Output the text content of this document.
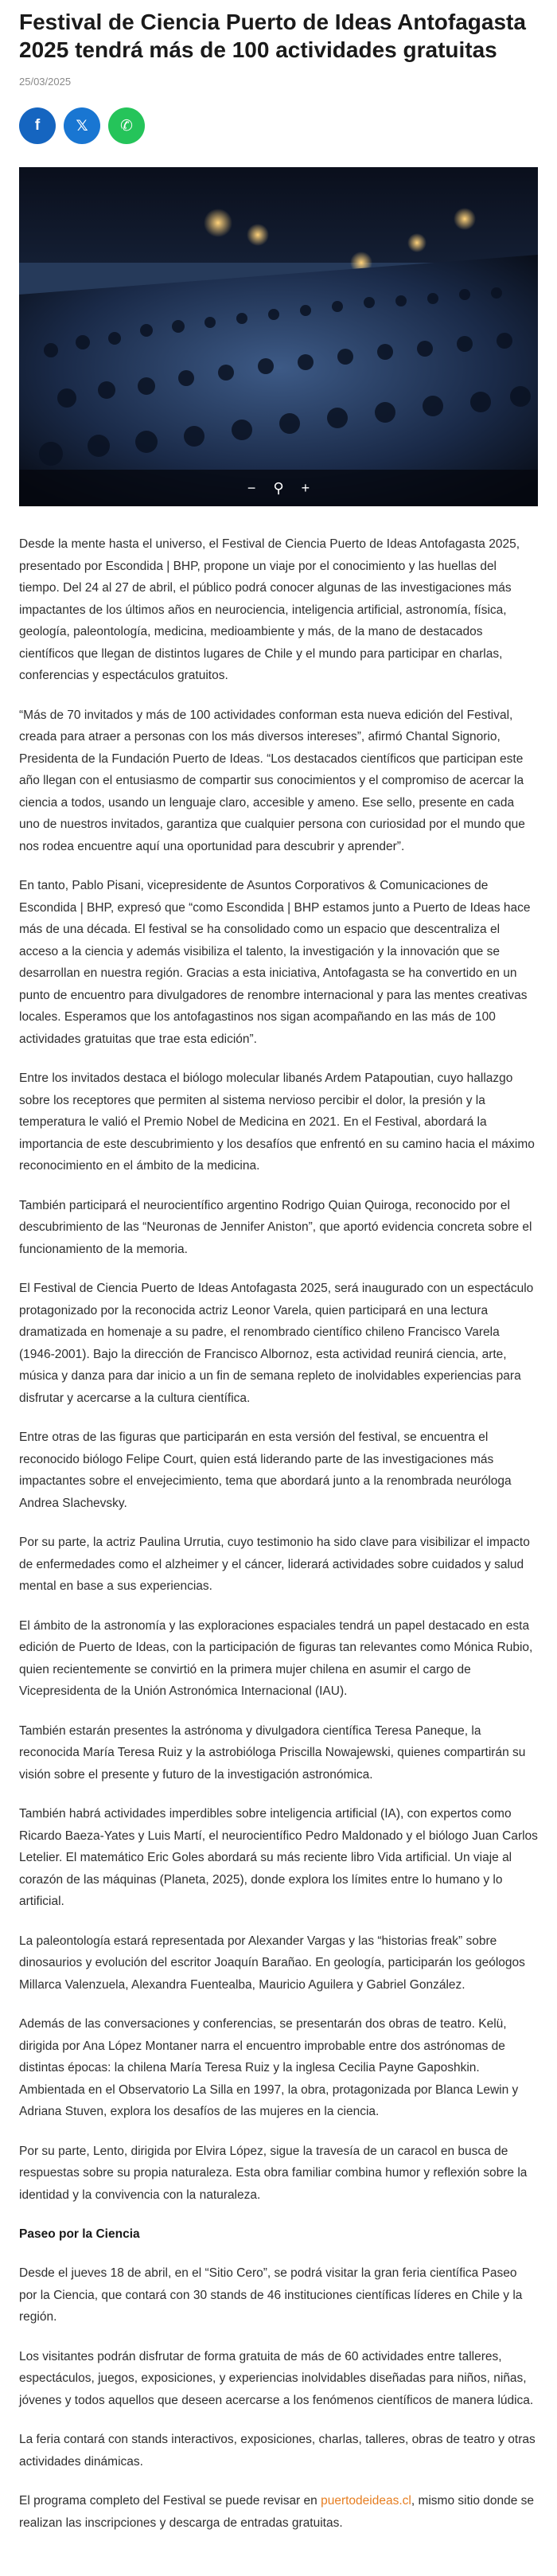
Festival de Ciencia Puerto de Ideas Antofagasta 2025 tendrá más de 100 actividades gratuitas
25/03/2025
f 𝕏 ✆
− ⚲ +

Desde la mente hasta el universo, el Festival de Ciencia Puerto de Ideas Antofagasta 2025, presentado por Escondida | BHP, propone un viaje por el conocimiento y las huellas del tiempo. Del 24 al 27 de abril, el público podrá conocer algunas de las investigaciones más impactantes de los últimos años en neurociencia, inteligencia artificial, astronomía, física, geología, paleontología, medicina, medioambiente y más, de la mano de destacados científicos que llegan de distintos lugares de Chile y el mundo para participar en charlas, conferencias y espectáculos gratuitos.

“Más de 70 invitados y más de 100 actividades conforman esta nueva edición del Festival, creada para atraer a personas con los más diversos intereses”, afirmó Chantal Signorio, Presidenta de la Fundación Puerto de Ideas. “Los destacados científicos que participan este año llegan con el entusiasmo de compartir sus conocimientos y el compromiso de acercar la ciencia a todos, usando un lenguaje claro, accesible y ameno. Ese sello, presente en cada uno de nuestros invitados, garantiza que cualquier persona con curiosidad por el mundo que nos rodea encuentre aquí una oportunidad para descubrir y aprender”.

En tanto, Pablo Pisani, vicepresidente de Asuntos Corporativos & Comunicaciones de Escondida | BHP, expresó que “como Escondida | BHP estamos junto a Puerto de Ideas hace más de una década. El festival se ha consolidado como un espacio que descentraliza el acceso a la ciencia y además visibiliza el talento, la investigación y la innovación que se desarrollan en nuestra región. Gracias a esta iniciativa, Antofagasta se ha convertido en un punto de encuentro para divulgadores de renombre internacional y para las mentes creativas locales. Esperamos que los antofagastinos nos sigan acompañando en las más de 100 actividades gratuitas que trae esta edición”.

Entre los invitados destaca el biólogo molecular libanés Ardem Patapoutian, cuyo hallazgo sobre los receptores que permiten al sistema nervioso percibir el dolor, la presión y la temperatura le valió el Premio Nobel de Medicina en 2021. En el Festival, abordará la importancia de este descubrimiento y los desafíos que enfrentó en su camino hacia el máximo reconocimiento en el ámbito de la medicina.

También participará el neurocientífico argentino Rodrigo Quian Quiroga, reconocido por el descubrimiento de las “Neuronas de Jennifer Aniston”, que aportó evidencia concreta sobre el funcionamiento de la memoria.

El Festival de Ciencia Puerto de Ideas Antofagasta 2025, será inaugurado con un espectáculo protagonizado por la reconocida actriz Leonor Varela, quien participará en una lectura dramatizada en homenaje a su padre, el renombrado científico chileno Francisco Varela (1946-2001). Bajo la dirección de Francisco Albornoz, esta actividad reunirá ciencia, arte, música y danza para dar inicio a un fin de semana repleto de inolvidables experiencias para disfrutar y acercarse a la cultura científica.

Entre otras de las figuras que participarán en esta versión del festival, se encuentra el reconocido biólogo Felipe Court, quien está liderando parte de las investigaciones más impactantes sobre el envejecimiento, tema que abordará junto a la renombrada neuróloga Andrea Slachevsky.

Por su parte, la actriz Paulina Urrutia, cuyo testimonio ha sido clave para visibilizar el impacto de enfermedades como el alzheimer y el cáncer, liderará actividades sobre cuidados y salud mental en base a sus experiencias.

El ámbito de la astronomía y las exploraciones espaciales tendrá un papel destacado en esta edición de Puerto de Ideas, con la participación de figuras tan relevantes como Mónica Rubio, quien recientemente se convirtió en la primera mujer chilena en asumir el cargo de Vicepresidenta de la Unión Astronómica Internacional (IAU).

También estarán presentes la astrónoma y divulgadora científica Teresa Paneque, la reconocida María Teresa Ruiz y la astrobióloga Priscilla Nowajewski, quienes compartirán su visión sobre el presente y futuro de la investigación astronómica.

También habrá actividades imperdibles sobre inteligencia artificial (IA), con expertos como Ricardo Baeza-Yates y Luis Martí, el neurocientífico Pedro Maldonado y el biólogo Juan Carlos Letelier. El matemático Eric Goles abordará su más reciente libro Vida artificial. Un viaje al corazón de las máquinas (Planeta, 2025), donde explora los límites entre lo humano y lo artificial.

La paleontología estará representada por Alexander Vargas y las “historias freak” sobre dinosaurios y evolución del escritor Joaquín Barañao. En geología, participarán los geólogos Millarca Valenzuela, Alexandra Fuentealba, Mauricio Aguilera y Gabriel González.

Además de las conversaciones y conferencias, se presentarán dos obras de teatro. Kelü, dirigida por Ana López Montaner narra el encuentro improbable entre dos astrónomas de distintas épocas: la chilena María Teresa Ruiz y la inglesa Cecilia Payne Gaposhkin. Ambientada en el Observatorio La Silla en 1997, la obra, protagonizada por Blanca Lewin y Adriana Stuven, explora los desafíos de las mujeres en la ciencia.

Por su parte, Lento, dirigida por Elvira López, sigue la travesía de un caracol en busca de respuestas sobre su propia naturaleza. Esta obra familiar combina humor y reflexión sobre la identidad y la convivencia con la naturaleza.

Paseo por la Ciencia

Desde el jueves 18 de abril, en el “Sitio Cero”, se podrá visitar la gran feria científica Paseo por la Ciencia, que contará con 30 stands de 46 instituciones científicas líderes en Chile y la región.

Los visitantes podrán disfrutar de forma gratuita de más de 60 actividades entre talleres, espectáculos, juegos, exposiciones, y experiencias inolvidables diseñadas para niños, niñas, jóvenes y todos aquellos que deseen acercarse a los fenómenos científicos de manera lúdica.

La feria contará con stands interactivos, exposiciones, charlas, talleres, obras de teatro y otras actividades dinámicas.

El programa completo del Festival se puede revisar en puertodeideas.cl, mismo sitio donde se realizan las inscripciones y descarga de entradas gratuitas.
